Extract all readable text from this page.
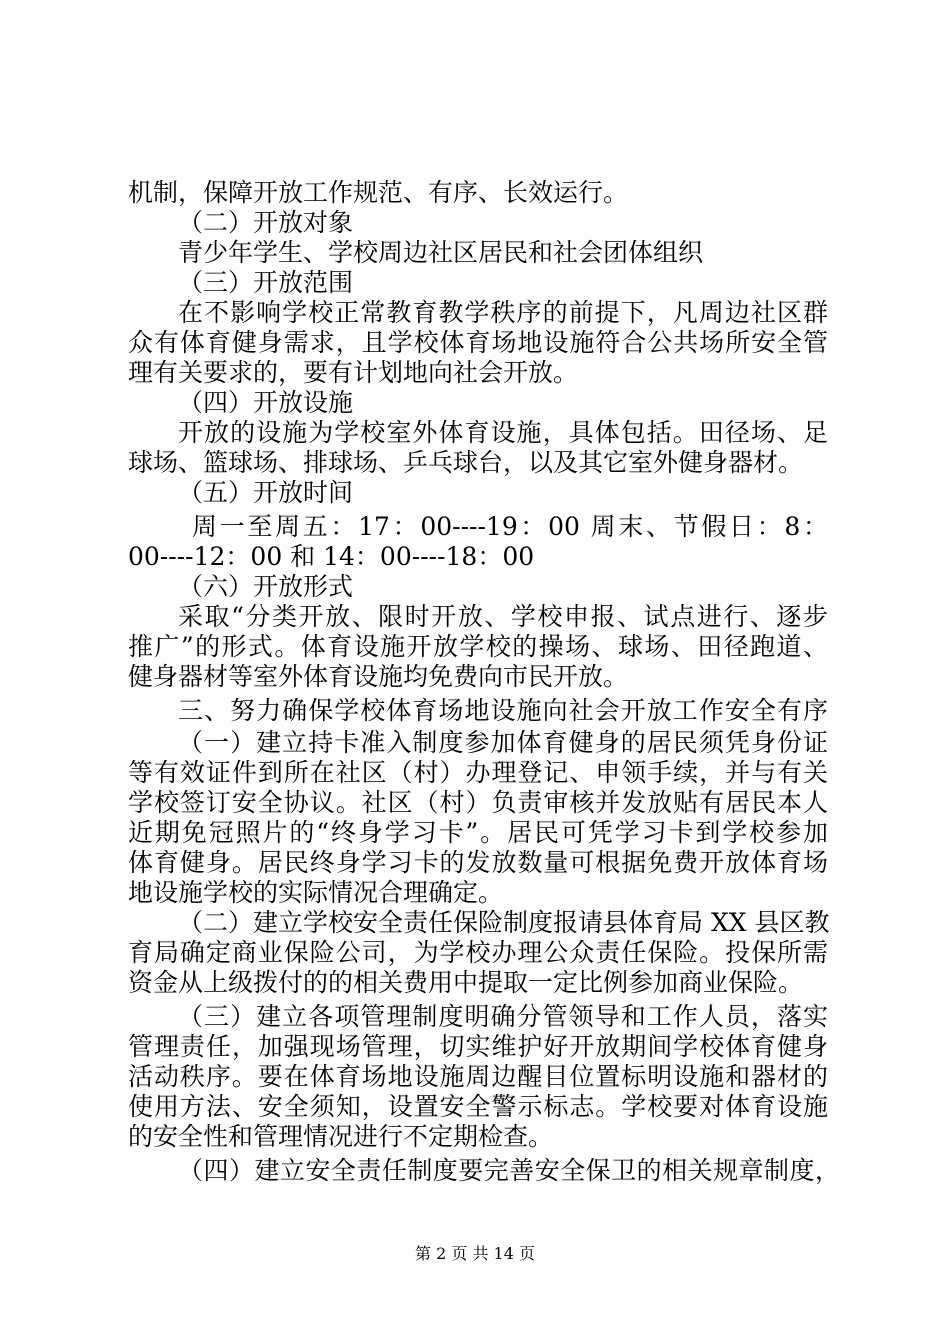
机制，保障开放工作规范、有序、长效运行。
（二）开放对象
青少年学生、学校周边社区居民和社会团体组织
（三）开放范围
在不影响学校正常教育教学秩序的前提下，凡周边社区群
众有体育健身需求，且学校体育场地设施符合公共场所安全管
理有关要求的，要有计划地向社会开放。
（四）开放设施
开放的设施为学校室外体育设施，具体包括。田径场、足
球场、篮球场、排球场、乒乓球台，以及其它室外健身器材。
（五）开放时间
周一至周五：17：00----19：00 周末、节假日：8：
00----12：00 和 14：00----18：00
（六）开放形式
采取“分类开放、限时开放、学校申报、试点进行、逐步
推广”的形式。体育设施开放学校的操场、球场、田径跑道、
健身器材等室外体育设施均免费向市民开放。
三、努力确保学校体育场地设施向社会开放工作安全有序
（一）建立持卡准入制度参加体育健身的居民须凭身份证
等有效证件到所在社区（村）办理登记、申领手续，并与有关
学校签订安全协议。社区（村）负责审核并发放贴有居民本人
近期免冠照片的“终身学习卡”。居民可凭学习卡到学校参加
体育健身。居民终身学习卡的发放数量可根据免费开放体育场
地设施学校的实际情况合理确定。
（二）建立学校安全责任保险制度报请县体育局 XX 县区教
育局确定商业保险公司，为学校办理公众责任保险。投保所需
资金从上级拨付的的相关费用中提取一定比例参加商业保险。
（三）建立各项管理制度明确分管领导和工作人员，落实
管理责任，加强现场管理，切实维护好开放期间学校体育健身
活动秩序。要在体育场地设施周边醒目位置标明设施和器材的
使用方法、安全须知，设置安全警示标志。学校要对体育设施
的安全性和管理情况进行不定期检查。
（四）建立安全责任制度要完善安全保卫的相关规章制度，
第 2 页 共 14 页
